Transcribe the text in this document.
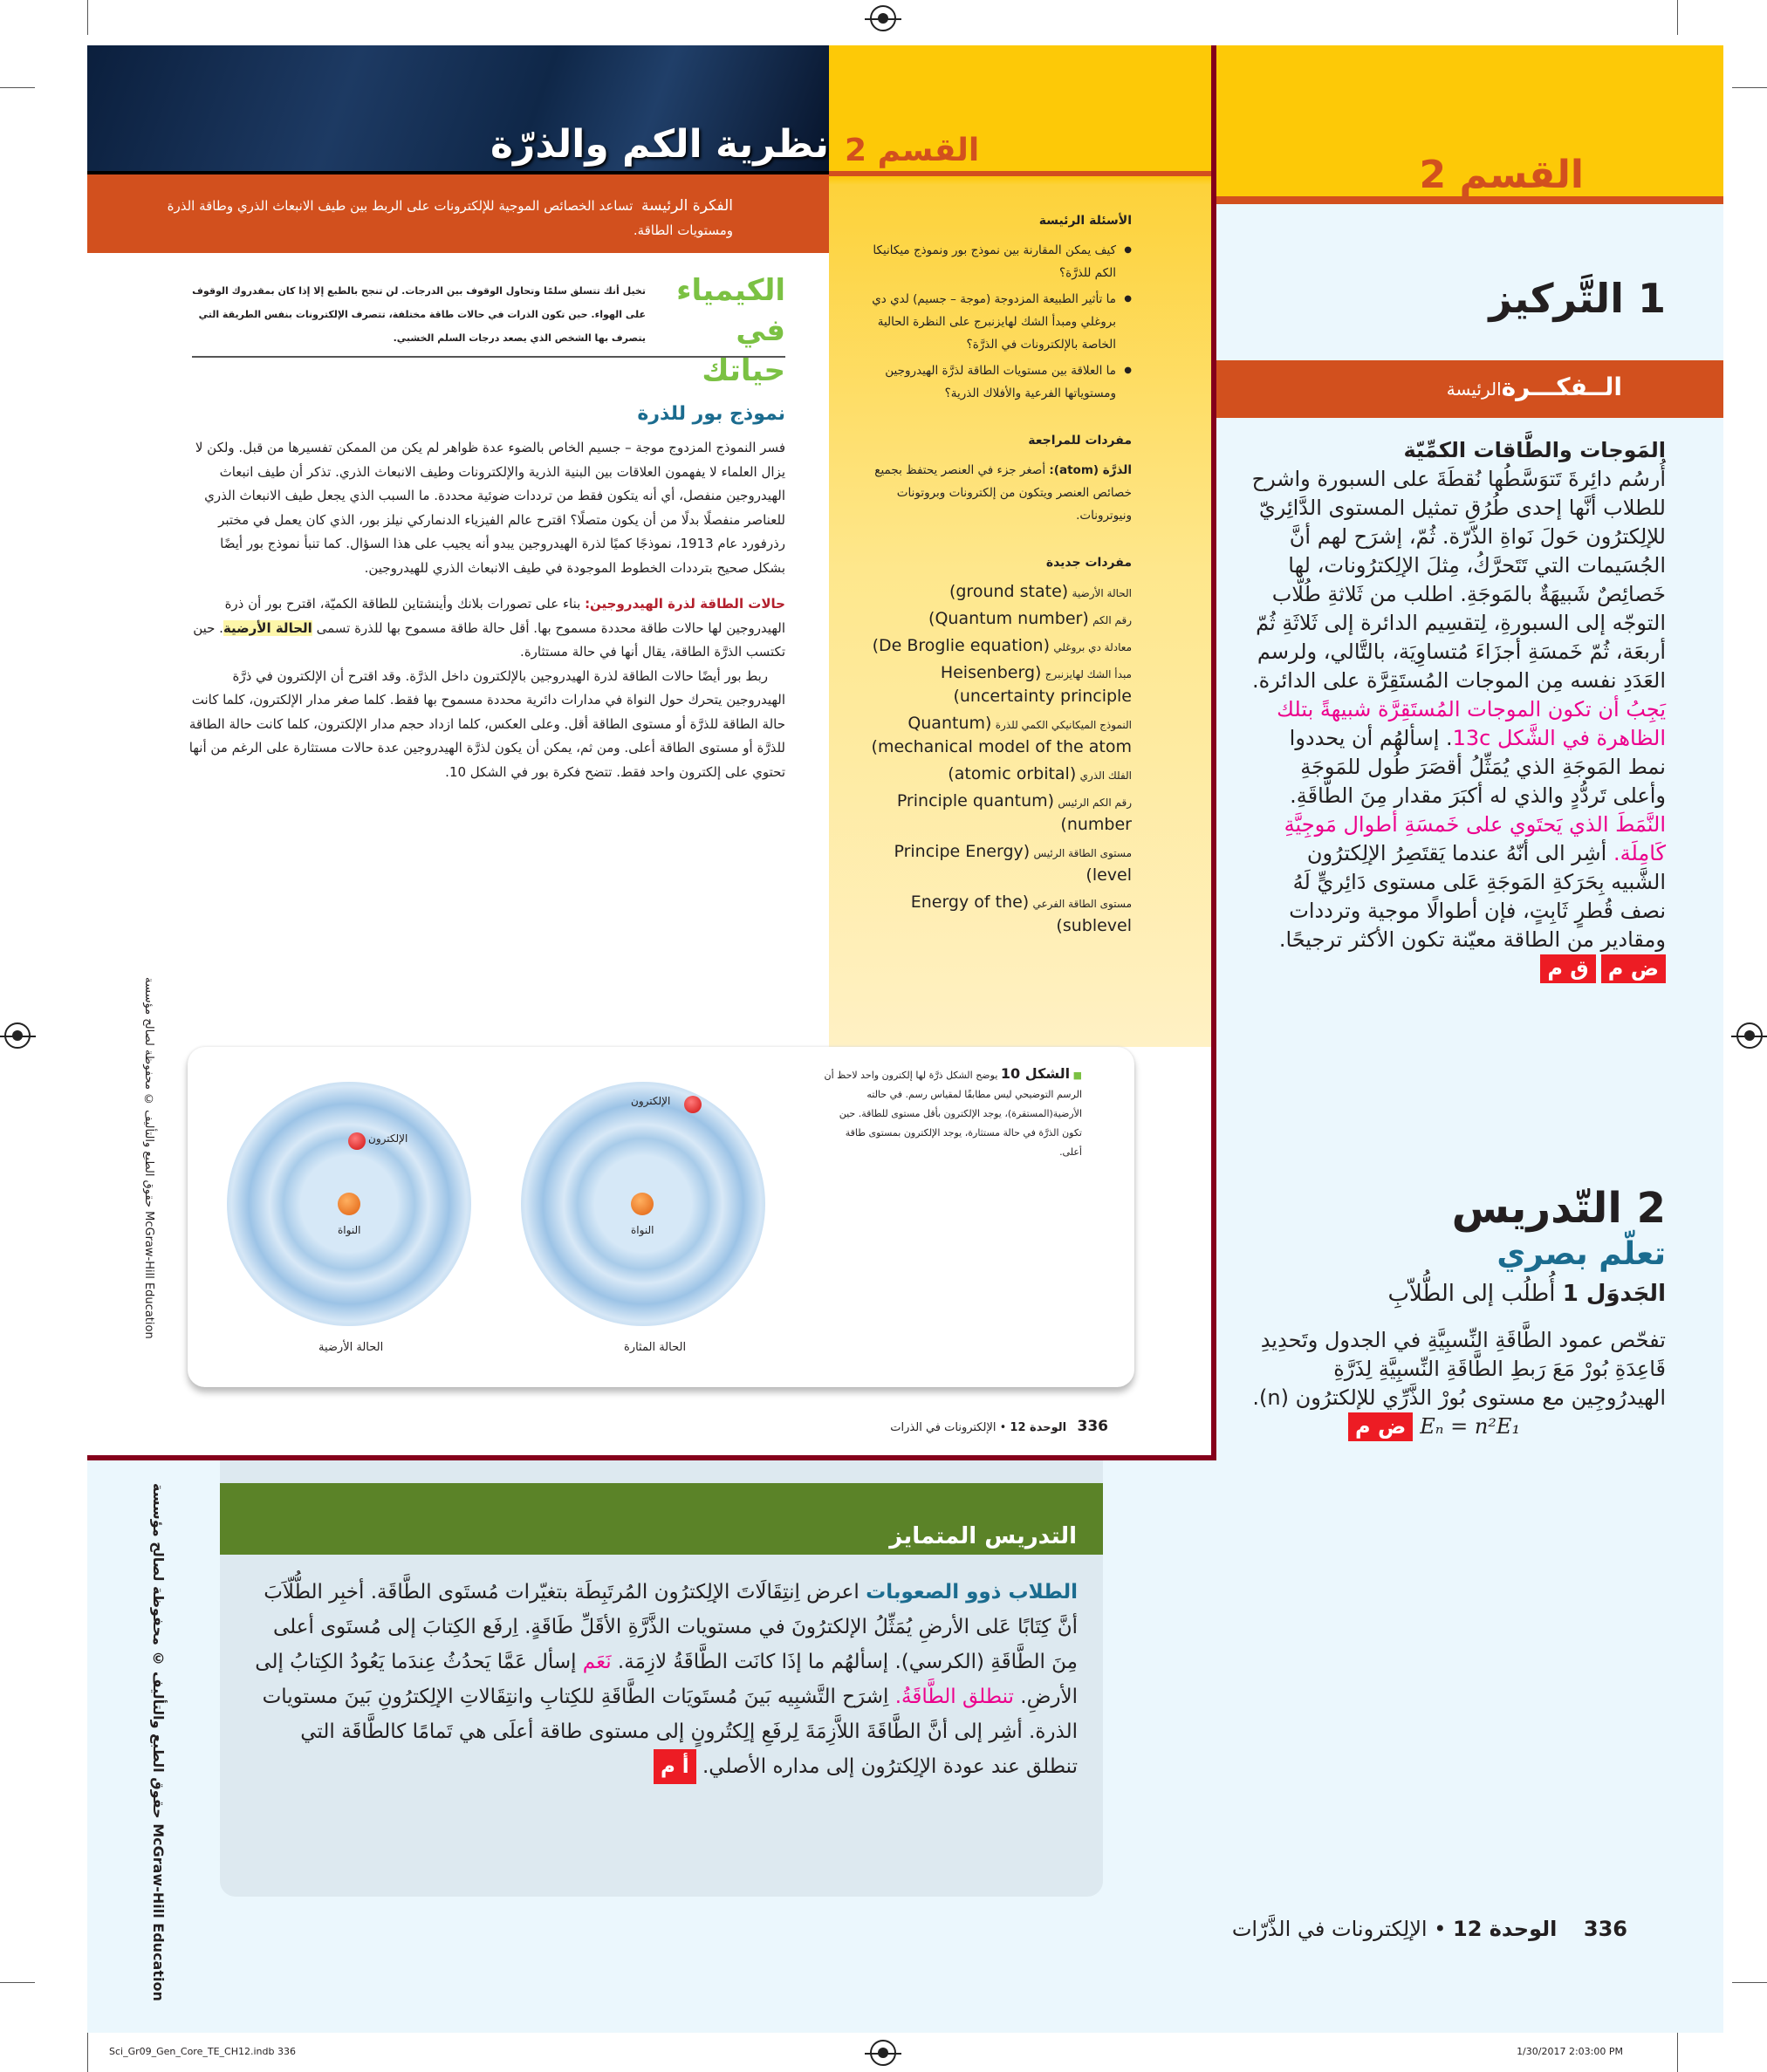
نظرية الكم والذرّة
الفكرة الرئيسة  تساعد الخصائص الموجية للإلكترونات على الربط بين طيف الانبعاث الذري وطاقة الذرة ومستويات الطاقة.
القسم 2
الأسئلة الرئيسة
● كيف يمكن المقارنة بين نموذج بور ونموذج ميكانيكا الكم للذرَّة؟
● ما تأثير الطبيعة المزدوجة (موجة – جسيم) لدي دي بروغلي ومبدأ الشك لهايزنبرج على النظرة الحالية الخاصة بالإلكترونات في الذرَّة؟
● ما العلاقة بين مستويات الطاقة لذرَّة الهيدروجين ومستوياتها الفرعية والأفلاك الذرية؟
مفردات للمراجعة

الذرَّة (atom): أصغر جزء في العنصر يحتفظ بجميع خصائص العنصر ويتكون من إلكترونات وبروتونات ونيوترونات.

مفردات جديدة
الحالة الأرضية (ground state)
رقم الكم (Quantum number)
معادلة دي بروغلي (De Broglie equation)
مبدأ الشك لهايزنبرج (Heisenberg uncertainty principle)
النموذج الميكانيكي الكمي للذرة (Quantum mechanical model of the atom)
الفلك الذري (atomic orbital)
رقم الكم الرئيس (Principle quantum number)
مستوى الطاقة الرئيس (Principe Energy level)
مستوى الطاقة الفرعي (Energy of the sublevel)
الكيمياء
في حياتك
تخيل أنك تتسلق سلمًا وتحاول الوقوف بين الدرجات. لن تنجح بالطبع إلا إذا كان بمقدروك الوقوف على الهواء. حين تكون الذرات في حالات طاقة مختلفة، تتصرف الإلكترونات بنفس الطريقة التي يتصرف بها الشخص الذي يصعد درجات السلم الخشبي.
نموذج بور للذرة

فسر النموذج المزدوج موجة – جسيم الخاص بالضوء عدة ظواهر لم يكن من الممكن تفسيرها من قبل. ولكن لا يزال العلماء لا يفهمون العلاقات بين البنية الذرية والإلكترونات وطيف الانبعاث الذري. تذكر أن طيف انبعاث الهيدروجين منفصل، أي أنه يتكون فقط من ترددات ضوئية محددة. ما السبب الذي يجعل طيف الانبعاث الذري للعناصر منفصلًا بدلًا من أن يكون متصلًا؟ اقترح عالم الفيزياء الدنماركي نيلز بور، الذي كان يعمل في مختبر رذرفورد عام 1913، نموذجًا كميًا لذرة الهيدروجين يبدو أنه يجيب على هذا السؤال. كما تنبأ نموذج بور أيضًا بشكل صحيح بترددات الخطوط الموجودة في طيف الانبعاث الذري للهيدروجين.

حالات الطاقة لذرة الهيدروجين: بناء على تصورات بلانك وأينشتاين للطاقة الكميّة، اقترح بور أن ذرة الهيدروجين لها حالات طاقة محددة مسموح بها. أقل حالة طاقة مسموح بها للذرة تسمى الحالة الأرضية. حين تكتسب الذرَّة الطاقة، يقال أنها في حالة مستثارة.

ربط بور أيضًا حالات الطاقة لذرة الهيدروجين بالإلكترون داخل الذرَّة. وقد اقترح أن الإلكترون في ذرَّة الهيدروجين يتحرك حول النواة في مدارات دائرية محددة مسموح بها فقط. كلما صغر مدار الإلكترون، كلما كانت حالة الطاقة للذرَّة أو مستوى الطاقة أقل. وعلى العكس، كلما ازداد حجم مدار الإلكترون، كلما كانت حالة الطاقة للذرَّة أو مستوى الطاقة أعلى. ومن ثم، يمكن أن يكون لذرَّة الهيدروجين عدة حالات مستثارة على الرغم من أنها تحتوي على إلكترون واحد فقط. تتضح فكرة بور في الشكل 10.

الإلكترون
النواة
الحالة الأرضية
الإلكترون
النواة
الحالة المثارة
■ الشكل 10 يوضح الشكل ذرَّة لها إلكترون واحد لاحظ أن الرسم التوضيحي ليس مطابقًا لمقياس رسم. في حالته الأرضية(المستقرة)، يوجد الإلكترون بأقل مستوى للطاقة. حين تكون الذرَّة في حالة مستثارة، يوجد الإلكترون بمستوى طاقة أعلى.
336   الوحدة 12 • الإلكترونات في الذرات
حقوق الطبع والتأليف © محفوظة لصالح مؤسسة McGraw-Hill Education
القسم 2
1 التَّركيز
الــفكـــرةالرئيسة
المَوجات والطَّاقات الكمِّيّة

أُرسُم دائِرةَ تَتوَسَّطُها نُقطَةَ على السبورة واشرح للطلاب أنَّها إحدى طُرُقِ تمثيل المستوى الدَّائِريّ للإلِكترُون حَولَ نَواةِ الذّرّة. ثُمّ، إشرَح لهم أنَّ الجُسَيمات التي تَتَحرَّكُ، مِثلَ الإلِكترُونات، لها خَصائِصٌ شَبيهَةٌ بالمَوجَةِ. اطلب من ثَلاثةِ طُلّاب التوجّه إلى السبورةِ، لِتقسِيم الدائرة إلى ثَلاثَةِ ثُمّ أربعَة، ثُمّ خَمسَةِ أجزَاءَ مُتساوِيَة، بالتَّالي، ولرسم العَدَدِ نفسه مِن الموجات المُستَقِرَّة على الدائرة. يَجِبُ أن تكون الموجات المُستَقِرَّة شبيهةً بتلك الظاهرة في الشَّكل 13c. إسألهُم أن يحددوا نمط المَوجَةِ الذي يُمَثِّلُ أقصَرَ طُول للمَوجَةِ وأعلى تَردُّدٍ والذي له أكبَرَ مقدار مِنَ الطَّاقَةِ. النَّمَطَ الذي يَحتَوي على خَمسَةِ أطوال مَوجِيَّةِ كَامِلَة. أشِر الى أنّهُ عندما يَقتَصِرُ الإلِكترُون الشَّبيه بِحَرَكةِ المَوجَةِ عَلى مستوى دَائِريٍّ لَهُ نصف قُطرٍ ثَابِتٍ، فإن أطوالًا موجية وترددات ومقادير من الطاقة معيّنة تكون الأكثر ترجيحًا. ض مق م

2 التّدريس
تعلّم بصري

الجَدوَل 1 أُطلُب إلى الطُّلاّبِ

تفحّص عمود الطَّاقَةِ النِّسبِيَّةِ في الجدول وتَحدِيدِ قَاعِدَةِ بُورْ مَعَ رَبطِ الطَّاقَةِ النِّسبِيَّةِ لِذَرَّةِ الهيدرُوجِين مع مستوى بُورْ الذَّرِّي للإلكترُون (n).

ض م Eₙ = n²E₁

التدريس المتمايز
الطلاب ذوو الصعوبات اعرض اِنتِقَالَاتَ الإلِكترُون المُرتَبِطَة بتغيّرات مُستَوى الطَّاقَة. أخبِر الطُّلّاَبَ أنَّ كِتَابًا عَلى الأرضِ يُمَثِّلُ الإلكترُونَ في مستويات الذَّرَّةِ الأقَلِّ طَاقَةٍ. اِرفَع الكِتابَ إلى مُستَوى أعلى مِنَ الطَّاقَةِ (الكرسي). إسألهُم ما إذَا كانَت الطَّاقَةُ لازِمَة. نَعَم إسأل عَمَّا يَحدُثُ عِندَما يَعُودُ الكِتابُ إلى الأرضِ. تنطلق الطَّاقَةُ. اِشرَح التَّشبِيه بَينَ مُستَويَات الطَّاقَةِ للكِتابِ وانتِقَالاتِ الإلِكترُونِ بَينَ مستويات الذرة. أشِر إلى أنَّ الطَّاقَةَ اللاَّزِمَةَ لِرفَعِ إلِكتُرونٍ إلى مستوى طاقة أعلَى هي تَمامًا كالطَّاقَة التي تنطلق عند عودة الإلِكترُون إلى مداره الأصلي. أ م
336    الوحدة 12 • الإلِكترونات في الذَّرّات
حقوق الطبع والتأليف © محفوظة لصالح مؤسسة McGraw-Hill Education
Sci_Gr09_Gen_Core_TE_CH12.indb 336	1/30/2017 2:03:00 PM
